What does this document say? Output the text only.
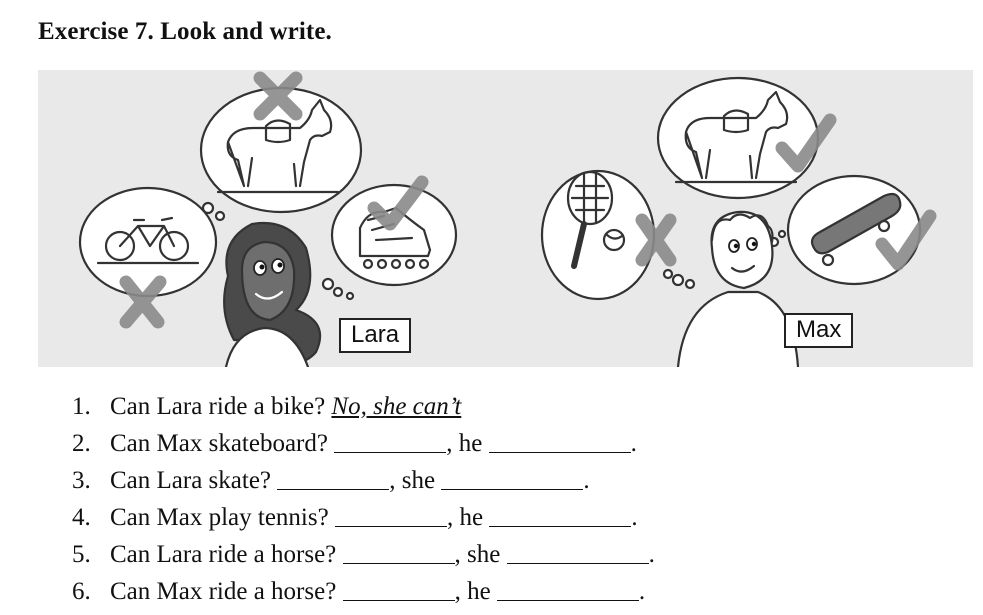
Exercise 7. Look and write.
Lara	Max
1. Can Lara ride a bike? No, she can’t
2. Can Max skateboard?	, he	.
3. Can Lara skate?	, she	.
4. Can Max play tennis?	, he	.
5. Can Lara ride a horse?	, she	.
6. Can Max ride a horse?	, he	.
